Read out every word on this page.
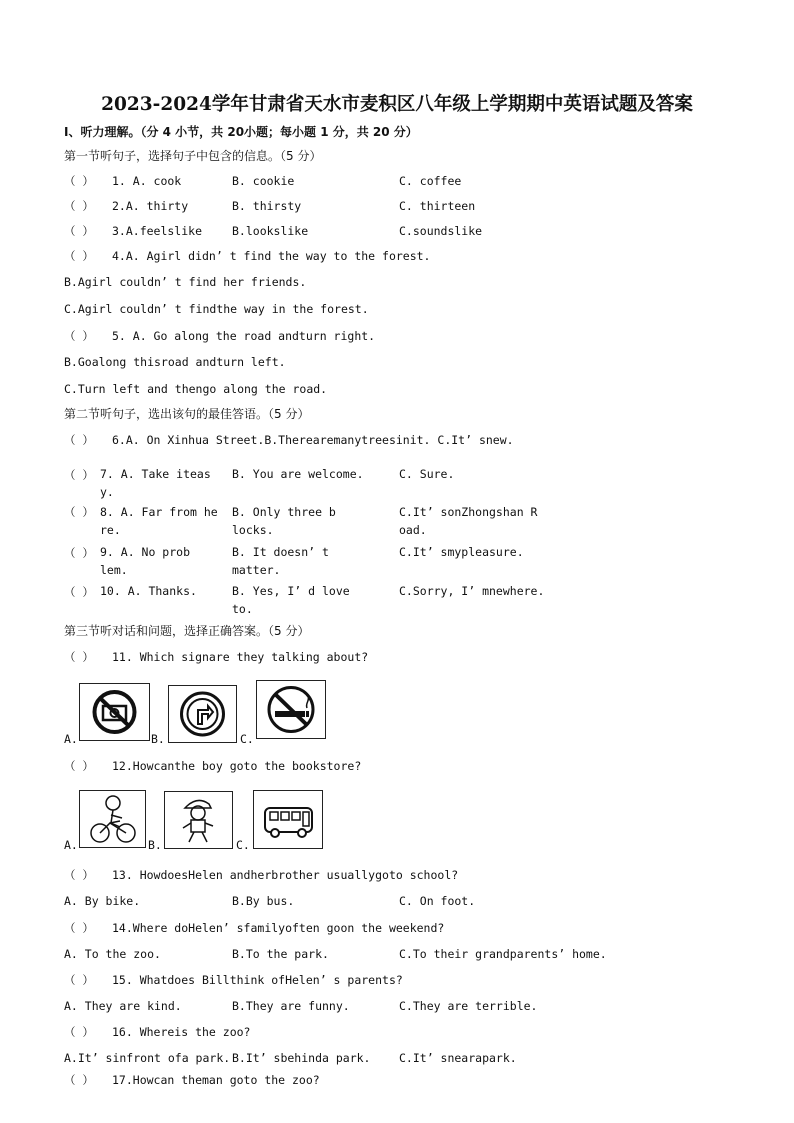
2023-2024学年甘肃省天水市麦积区八年级上学期期中英语试题及答案
Ⅰ、听力理解。（分 4 小节，共 20小题；每小题 1 分，共 20 分）
第一节听句子，选择句子中包含的信息。（5 分）
（ ） 1. A. cook	B. cookie	C. coffee
（ ） 2.A. thirty	B. thirsty	C. thirteen
（ ） 3.A.feelslike	B.lookslike	C.soundslike
（ ） 4.A. Agirl didn’ t find the way to the forest.
B.Agirl couldn’ t find her friends.
C.Agirl couldn’ t findthe way in the forest.
（ ） 5. A. Go along the road andturn right.
B.Goalong thisroad andturn left.
C.Turn left and thengo along the road.
第二节听句子，选出该句的最佳答语。（5 分）
（ ） 6.A. On Xinhua Street.B.Therearemanytreesinit. C.It’ snew.
（ ） 7. A. Take iteasy.
B. You are welcome.	C. Sure.
（ ） 8. A. Far from here.
B. Only three blocks.
C.It’ sonZhongshan Road.
（ ） 9. A. No problem.
B. It doesn’ t matter.
C.It’ smypleasure.
（ ） 10. A. Thanks.	B. Yes, I’ d love to.
C.Sorry, I’ mnewhere.
第三节听对话和问题，选择正确答案。（5 分）
（ ） 11. Which signare they talking about?
A.	B.	C.
（ ） 12.Howcanthe boy goto the bookstore?
A.	B.	C.
（ ） 13. HowdoesHelen andherbrother usuallygoto school?
A. By bike.	B.By bus.	C. On foot.
（ ） 14.Where doHelen’ sfamilyoften goon the weekend?
A. To the zoo.	B.To the park.	C.To their grandparents’ home.
（ ） 15. Whatdoes Billthink ofHelen’ s parents?
A. They are kind.	B.They are funny.	C.They are terrible.
（ ） 16. Whereis the zoo?
A.It’ sinfront ofa park. B.It’ sbehinda park. C.It’ snearapark.
（ ） 17.Howcan theman goto the zoo?
